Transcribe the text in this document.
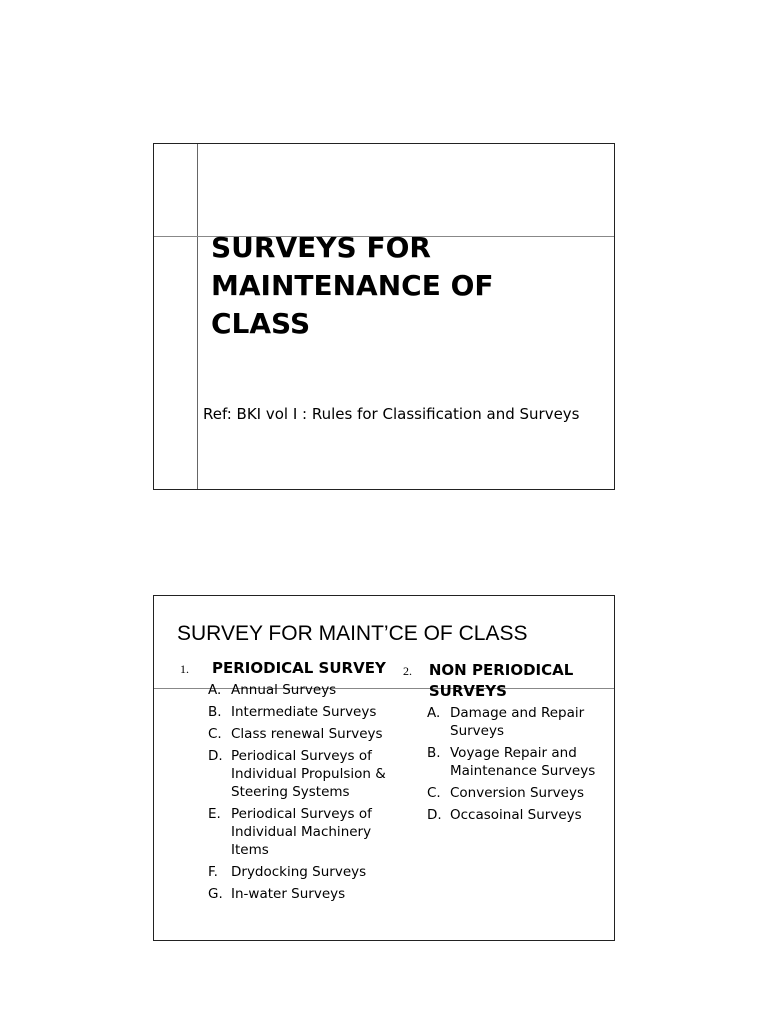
SURVEYS FOR MAINTENANCE OF CLASS
Ref: BKI vol I : Rules for Classification and Surveys
SURVEY FOR MAINT’CE OF CLASS
1.	PERIODICAL SURVEY
A. Annual Surveys
B. Intermediate Surveys
C. Class renewal Surveys
D. Periodical Surveys of Individual Propulsion & Steering Systems
E. Periodical Surveys of Individual Machinery Items
F. Drydocking Surveys
G. In-water Surveys
2.	NON PERIODICAL SURVEYS
A. Damage and Repair Surveys
B. Voyage Repair and Maintenance Surveys
C. Conversion Surveys
D. Occasoinal Surveys
